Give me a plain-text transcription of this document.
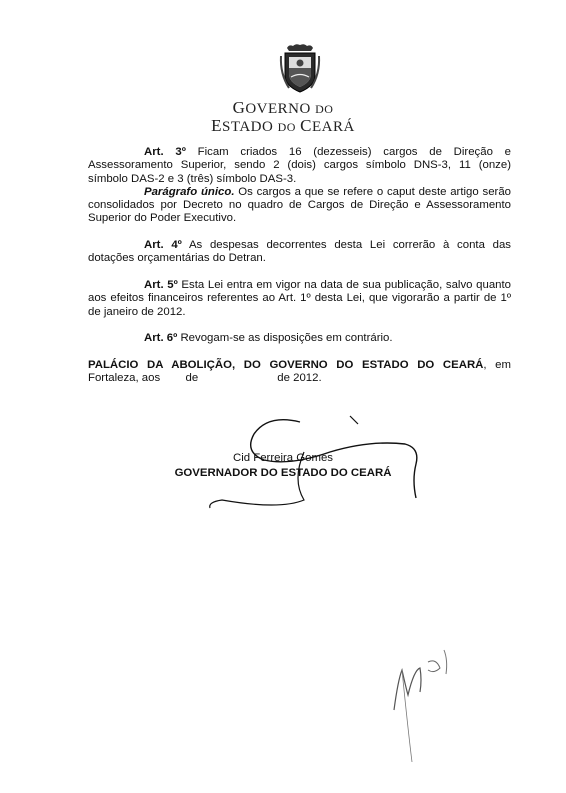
GOVERNO DO
ESTADO DO CEARÁ

Art. 3º Ficam criados 16 (dezesseis) cargos de Direção e Assessoramento Superior, sendo 2 (dois) cargos símbolo DNS-3, 11 (onze) símbolo DAS-2 e 3 (três) símbolo DAS-3.

Parágrafo único. Os cargos a que se refere o caput deste artigo serão consolidados por Decreto no quadro de Cargos de Direção e Assessoramento Superior do Poder Executivo.

Art. 4º As despesas decorrentes desta Lei correrão à conta das dotações orçamentárias do Detran.

Art. 5º Esta Lei entra em vigor na data de sua publicação, salvo quanto aos efeitos financeiros referentes ao Art. 1º desta Lei, que vigorarão a partir de 1º de janeiro de 2012.

Art. 6º Revogam-se as disposições em contrário.

PALÁCIO DA ABOLIÇÃO, DO GOVERNO DO ESTADO DO CEARÁ, em Fortaleza, aos        de                         de 2012.

Cid Ferreira Gomes
GOVERNADOR DO ESTADO DO CEARÁ
